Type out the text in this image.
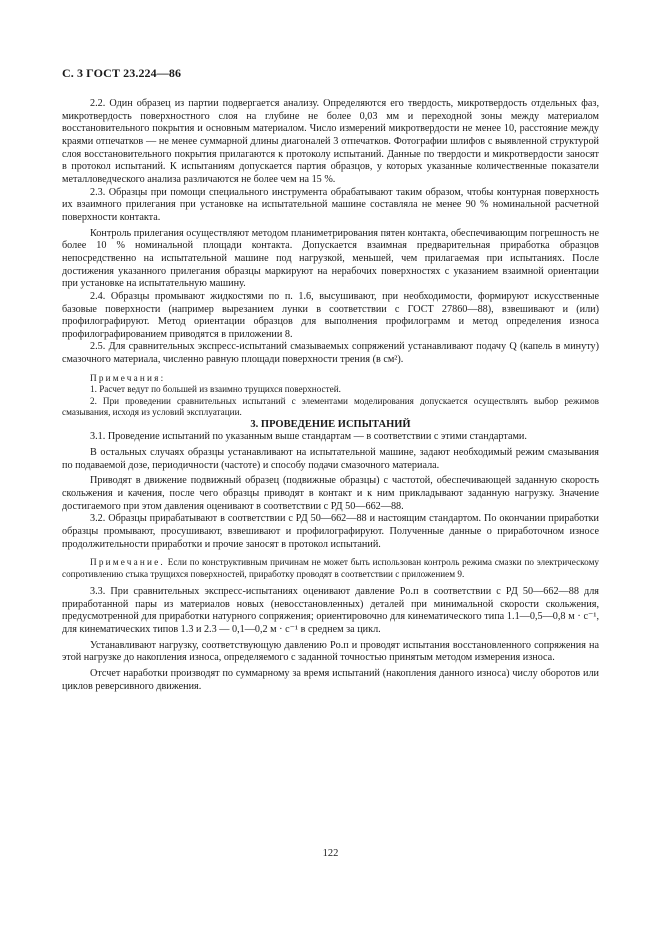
С. 3 ГОСТ 23.224—86

2.2. Один образец из партии подвергается анализу. Определяются его твердость, микротвердость отдельных фаз, микротвердость поверхностного слоя на глубине не более 0,03 мм и переходной зоны между материалом восстановительного покрытия и основным материалом. Число измерений микротвердости не менее 10, расстояние между краями отпечатков — не менее суммарной длины диагоналей 3 отпечатков. Фотографии шлифов с выявленной структурой слоя восстановительного покрытия прилагаются к протоколу испытаний. Данные по твердости и микротвердости заносят в протокол испытаний. К испытаниям допускается партия образцов, у которых указанные количественные показатели металловедческого анализа различаются не более чем на 15 %.

2.3. Образцы при помощи специального инструмента обрабатывают таким образом, чтобы контурная поверхность их взаимного прилегания при установке на испытательной машине составляла не менее 90 % номинальной расчетной поверхности контакта.

Контроль прилегания осуществляют методом планиметрирования пятен контакта, обеспечивающим погрешность не более 10 % номинальной площади контакта. Допускается взаимная предварительная приработка образцов непосредственно на испытательной машине под нагрузкой, меньшей, чем прилагаемая при испытаниях. После достижения указанного прилегания образцы маркируют на нерабочих поверхностях с указанием взаимной ориентации при установке на испытательную машину.

2.4. Образцы промывают жидкостями по п. 1.6, высушивают, при необходимости, формируют искусственные базовые поверхности (например вырезанием лунки в соответствии с ГОСТ 27860—88), взвешивают и (или) профилографируют. Метод ориентации образцов для выполнения профилограмм и метод определения износа профилографированием приводятся в приложении 8.

2.5. Для сравнительных экспресс-испытаний смазываемых сопряжений устанавливают подачу Q (капель в минуту) смазочного материала, численно равную площади поверхности трения (в см²).

Примечания:

1. Расчет ведут по большей из взаимно трущихся поверхностей.

2. При проведении сравнительных испытаний с элементами моделирования допускается осуществлять выбор режимов смазывания, исходя из условий эксплуатации.

3. ПРОВЕДЕНИЕ ИСПЫТАНИЙ

3.1. Проведение испытаний по указанным выше стандартам — в соответствии с этими стандартами.

В остальных случаях образцы устанавливают на испытательной машине, задают необходимый режим смазывания по подаваемой дозе, периодичности (частоте) и способу подачи смазочного материала.

Приводят в движение подвижный образец (подвижные образцы) с частотой, обеспечивающей заданную скорость скольжения и качения, после чего образцы приводят в контакт и к ним прикладывают заданную нагрузку. Значение достигаемого при этом давления оценивают в соответствии с РД 50—662—88.

3.2. Образцы прирабатывают в соответствии с РД 50—662—88 и настоящим стандартом. По окончании приработки образцы промывают, просушивают, взвешивают и профилографируют. Полученные данные о приработочном износе продолжительности приработки и прочие заносят в протокол испытаний.

Примечание. Если по конструктивным причинам не может быть использован контроль режима смазки по электрическому сопротивлению стыка трущихся поверхностей, приработку проводят в соответствии с приложением 9.

3.3. При сравнительных экспресс-испытаниях оценивают давление Pо.п в соответствии с РД 50—662—88 для приработанной пары из материалов новых (невосстановленных) деталей при минимальной скорости скольжения, предусмотренной для приработки натурного сопряжения; ориентировочно для кинематического типа 1.1—0,5—0,8 м · с⁻¹, для кинематических типов 1.3 и 2.3 — 0,1—0,2 м · с⁻¹ в среднем за цикл.

Устанавливают нагрузку, соответствующую давлению Pо.п и проводят испытания восстановленного сопряжения на этой нагрузке до накопления износа, определяемого с заданной точностью принятым методом измерения износа.

Отсчет наработки производят по суммарному за время испытаний (накопления данного износа) числу оборотов или циклов реверсивного движения.

122
